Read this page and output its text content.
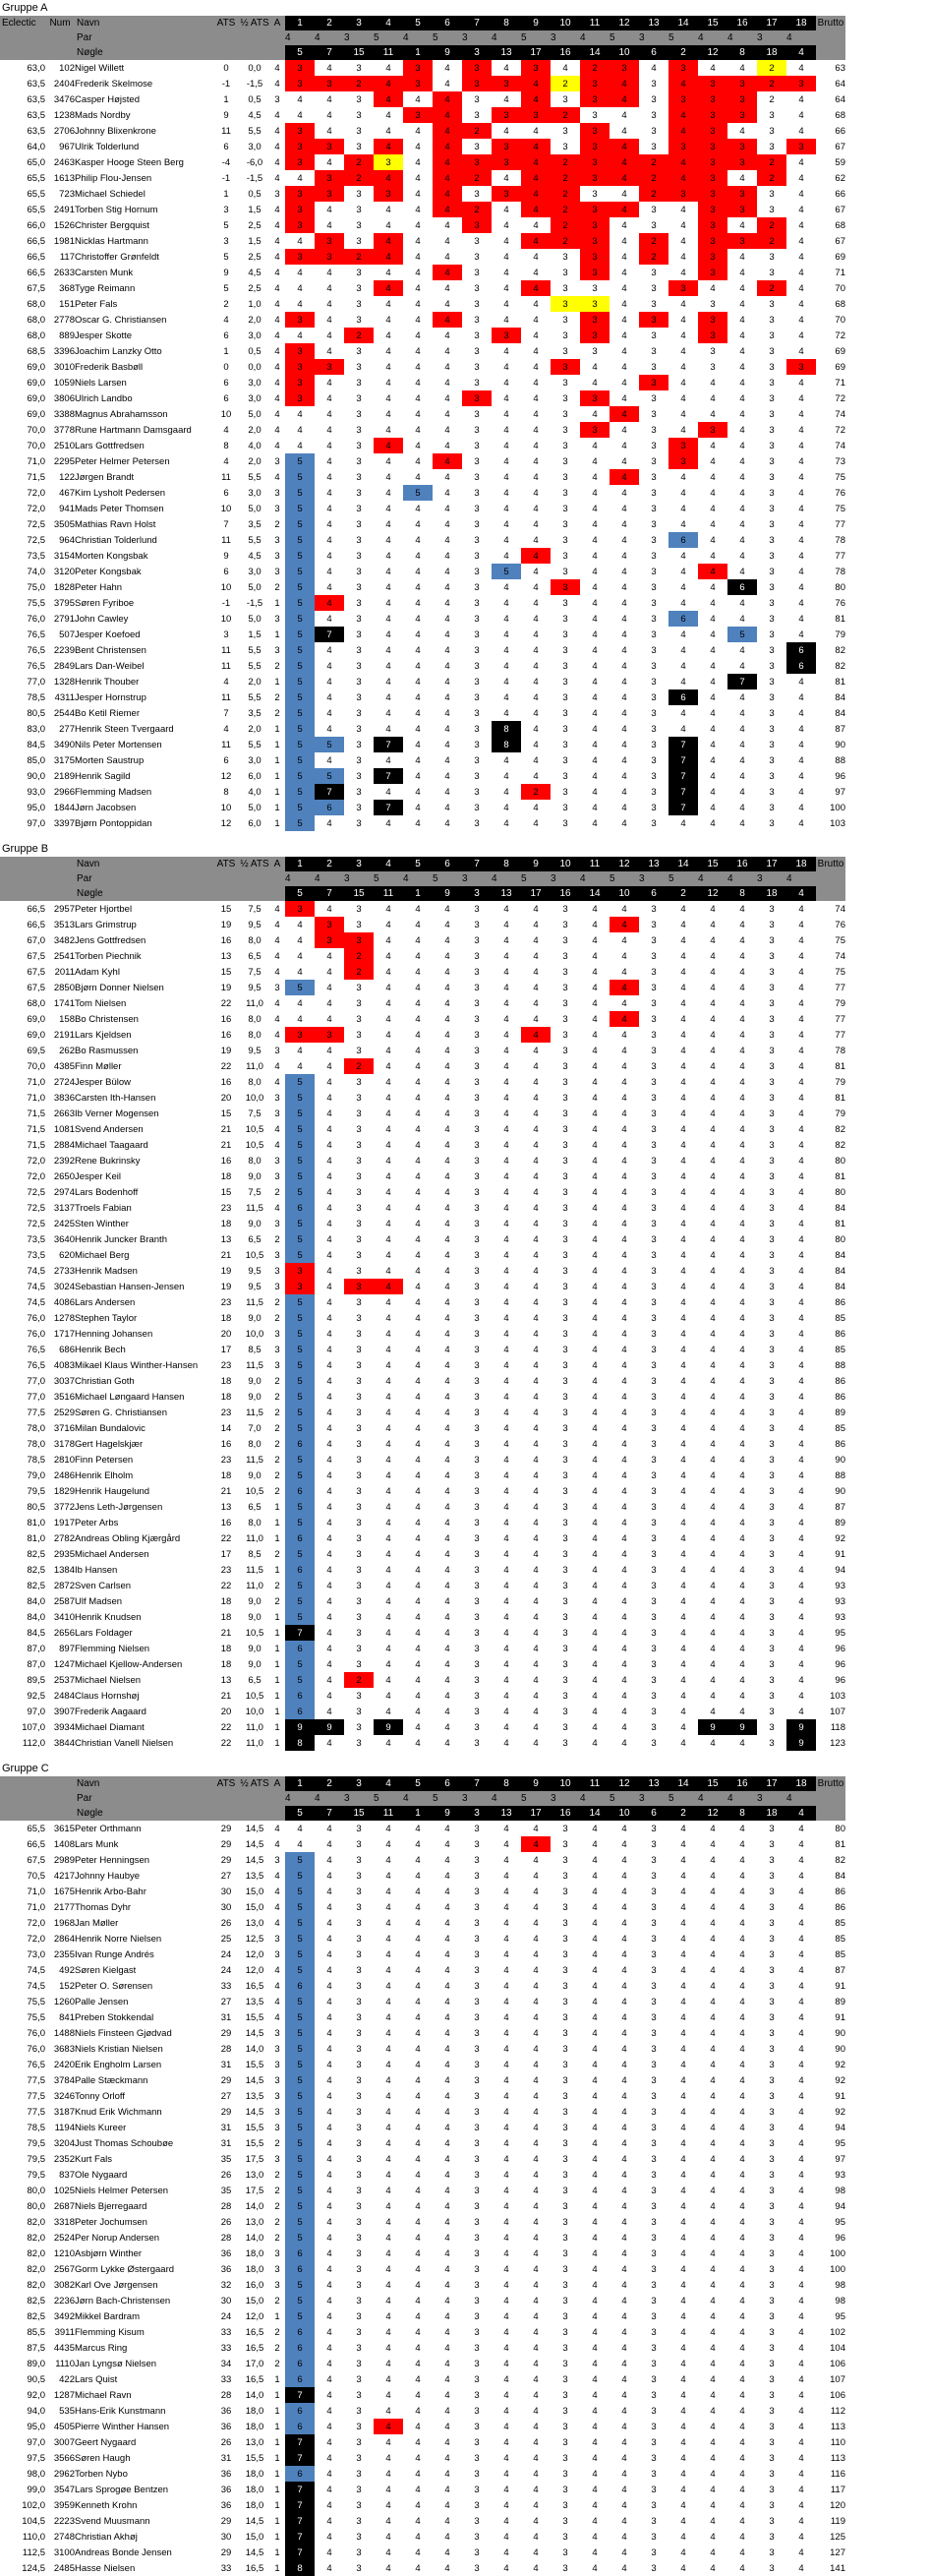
Gruppe A
Eclectic	Num Navn	ATS ½ ATS A	1	2	3	4	5	6	7	8	9	10	11	12	13	14	15	16	17	18	Brutto
Par	4	4	3	5	4	5	3	4	5	3	4	5	3	5	4	4	3	4
Nøgle	5	7	15	11	1	9	3	13	17	16	14	10	6	2	12	8	18	4
63,0	102	Nigel Willett	0	0,0	4	3	4	3	4	3	4	3	4	3	4	2	3	4	3	4	4	2	4	63
63,5	2404	Frederik Skelmose	-1	-1,5	4	3	3	2	4	3	4	3	3	4	2	3	4	3	4	3	3	2	3	64
63,5	3476	Casper Højsted	1	0,5	3	4	4	3	4	4	4	3	4	4	3	3	4	3	3	3	3	2	4	64
63,5	1238	Mads Nordby	9	4,5	4	4	4	3	4	3	4	3	3	3	2	3	4	3	4	3	3	3	4	68
63,5	2706	Johnny Blixenkrone	11	5,5	4	3	4	3	4	4	4	2	4	4	3	3	4	3	4	3	4	3	4	66
64,0	967	Ulrik Tolderlund	6	3,0	4	3	3	3	4	4	4	3	3	4	3	3	4	3	3	3	3	3	3	67
65,0	2463	Kasper Hooge Steen Berg	-4	-6,0	4	3	4	2	3	4	4	3	3	4	2	3	4	2	4	3	3	2	4	59
65,5	1613	Philip Flou-Jensen	-1	-1,5	4	4	3	2	4	4	4	2	4	4	2	3	4	2	4	3	4	2	4	62
65,5	723	Michael Schiedel	1	0,5	3	3	3	3	3	4	4	3	3	4	2	3	4	2	3	3	3	3	4	66
65,5	2491	Torben Stig Hornum	3	1,5	4	3	4	3	4	4	4	2	4	4	2	3	4	3	4	3	3	3	4	67
66,0	1526	Christer Bergquist	5	2,5	4	3	4	3	4	4	4	3	4	4	2	3	4	3	4	3	4	2	4	68
66,5	1981	Nicklas Hartmann	3	1,5	4	4	3	3	4	4	4	3	4	4	2	3	4	2	4	3	3	2	4	67
66,5	117	Christoffer Grønfeldt	5	2,5	4	3	3	2	4	4	4	3	4	4	3	3	4	2	4	3	4	3	4	69
66,5	2633	Carsten Munk	9	4,5	4	4	4	3	4	4	4	3	4	4	3	3	4	3	4	3	4	3	4	71
67,5	368	Tyge Reimann	5	2,5	4	4	4	3	4	4	4	3	4	4	3	3	4	3	3	4	4	2	4	70
68,0	151	Peter Fals	2	1,0	4	4	4	3	4	4	4	3	4	4	3	3	4	3	4	3	4	3	4	68
68,0	2778	Oscar G. Christiansen	4	2,0	4	3	4	3	4	4	4	3	4	4	3	3	4	3	4	3	4	3	4	70
68,0	889	Jesper Skotte	6	3,0	4	4	4	2	4	4	4	3	3	4	3	3	4	3	4	3	4	3	4	72
68,5	3396	Joachim Lanzky Otto	1	0,5	4	3	4	3	4	4	4	3	4	4	3	3	4	3	4	3	4	3	4	69
69,0	3010	Frederik Basbøll	0	0,0	4	3	3	3	4	4	4	3	4	4	3	4	4	3	4	3	4	3	3	69
69,0	1059	Niels Larsen	6	3,0	4	3	4	3	4	4	4	3	4	4	3	4	4	3	4	4	4	3	4	71
69,0	3806	Ulrich Landbo	6	3,0	4	3	4	3	4	4	4	3	4	4	3	3	4	3	4	4	4	3	4	72
69,0	3388	Magnus Abrahamsson	10	5,0	4	4	4	3	4	4	4	3	4	4	3	4	4	3	4	4	4	3	4	74
70,0	3778	Rune Hartmann Damsgaard	4	2,0	4	4	4	3	4	4	4	3	4	4	3	3	4	3	4	3	4	3	4	72
70,0	2510	Lars Gottfredsen	8	4,0	4	4	4	3	4	4	4	3	4	4	3	4	4	3	3	4	4	3	4	74
71,0	2295	Peter Helmer Petersen	4	2,0	3	5	4	3	4	4	4	3	4	4	3	4	4	3	3	4	4	3	4	73
71,5	122	Jørgen Brandt	11	5,5	4	5	4	3	4	4	4	3	4	4	3	4	4	3	4	4	4	3	4	75
72,0	467	Kim Lysholt Pedersen	6	3,0	3	5	4	3	4	5	4	3	4	4	3	4	4	3	4	4	4	3	4	76
72,0	941	Mads Peter Thomsen	10	5,0	3	5	4	3	4	4	4	3	4	4	3	4	4	3	4	4	4	3	4	75
72,5	3505	Mathias Ravn Holst	7	3,5	2	5	4	3	4	4	4	3	4	4	3	4	4	3	4	4	4	3	4	77
72,5	964	Christian Tolderlund	11	5,5	3	5	4	3	4	4	4	3	4	4	3	4	4	3	6	4	4	3	4	78
73,5	3154	Morten Kongsbak	9	4,5	3	5	4	3	4	4	4	3	4	4	3	4	4	3	4	4	4	3	4	77
74,0	3120	Peter Kongsbak	6	3,0	3	5	4	3	4	4	4	3	5	4	3	4	4	3	4	4	4	3	4	78
75,0	1828	Peter Hahn	10	5,0	2	5	4	3	4	4	4	3	4	4	3	4	4	3	4	4	6	3	4	80
75,5	3795	Søren Fyriboe	-1	-1,5	1	5	4	3	4	4	4	3	4	4	3	4	4	3	4	4	4	3	4	76
76,0	2791	John Cawley	10	5,0	3	5	4	3	4	4	4	3	4	4	3	4	4	3	6	4	4	3	4	81
76,5	507	Jesper Koefoed	3	1,5	1	5	7	3	4	4	4	3	4	4	3	4	4	3	4	4	5	3	4	79
76,5	2239	Bent Christensen	11	5,5	3	5	4	3	4	4	4	3	4	4	3	4	4	3	4	4	4	3	6	82
76,5	2849	Lars Dan-Weibel	11	5,5	2	5	4	3	4	4	4	3	4	4	3	4	4	3	4	4	4	3	6	82
77,0	1328	Henrik Thouber	4	2,0	1	5	4	3	4	4	4	3	4	4	3	4	4	3	4	4	7	3	4	81
78,5	4311	Jesper Hornstrup	11	5,5	2	5	4	3	4	4	4	3	4	4	3	4	4	3	6	4	4	3	4	84
80,5	2544	Bo Ketil Riemer	7	3,5	2	5	4	3	4	4	4	3	4	4	3	4	4	3	4	4	4	3	4	84
83,0	277	Henrik Steen Tvergaard	4	2,0	1	5	4	3	4	4	4	3	8	4	3	4	4	3	4	4	4	3	4	87
84,5	3490	Nils Peter Mortensen	11	5,5	1	5	5	3	7	4	4	3	8	4	3	4	4	3	7	4	4	3	4	90
85,0	3175	Morten Saustrup	6	3,0	1	5	4	3	4	4	4	3	4	4	3	4	4	3	7	4	4	3	4	88
90,0	2189	Henrik Sagild	12	6,0	1	5	5	3	7	4	4	3	4	4	3	4	4	3	7	4	4	3	4	96
93,0	2966	Flemming Madsen	8	4,0	1	5	7	3	4	4	4	3	4	2	3	4	4	3	7	4	4	3	4	97
95,0	1844	Jørn Jacobsen	10	5,0	1	5	6	3	7	4	4	3	4	4	3	4	4	3	7	4	4	3	4	100
97,0	3397	Bjørn Pontoppidan	12	6,0	1	5	4	3	4	4	4	3	4	4	3	4	4	3	4	4	4	3	4	103
Gruppe B
Navn	ATS ½ ATS A	1	2	3	4	5	6	7	8	9	10	11	12	13	14	15	16	17	18	Brutto
Par	4	4	3	5	4	5	3	4	5	3	4	5	3	5	4	4	3	4
Nøgle	5	7	15	11	1	9	3	13	17	16	14	10	6	2	12	8	18	4
66,5	2957	Peter Hjortbel	15	7,5	4	3	4	3	4	4	4	3	4	4	3	4	4	3	4	4	4	3	4	74
66,5	3513	Lars Grimstrup	19	9,5	4	4	3	3	4	4	4	3	4	4	3	4	4	3	4	4	4	3	4	76
67,0	3482	Jens Gottfredsen	16	8,0	4	4	3	3	4	4	4	3	4	4	3	4	4	3	4	4	4	3	4	75
67,5	2541	Torben Piechnik	13	6,5	4	4	4	2	4	4	4	3	4	4	3	4	4	3	4	4	4	3	4	74
67,5	2011	Adam Kyhl	15	7,5	4	4	4	2	4	4	4	3	4	4	3	4	4	3	4	4	4	3	4	75
67,5	2850	Bjørn Donner Nielsen	19	9,5	3	5	4	3	4	4	4	3	4	4	3	4	4	3	4	4	4	3	4	77
68,0	1741	Tom Nielsen	22	11,0	4	4	4	3	4	4	4	3	4	4	3	4	4	3	4	4	4	3	4	79
69,0	158	Bo Christensen	16	8,0	4	4	4	3	4	4	4	3	4	4	3	4	4	3	4	4	4	3	4	77
69,0	2191	Lars Kjeldsen	16	8,0	4	3	3	3	4	4	4	3	4	4	3	4	4	3	4	4	4	3	4	77
69,5	262	Bo Rasmussen	19	9,5	3	4	4	3	4	4	4	3	4	4	3	4	4	3	4	4	4	3	4	78
70,0	4385	Finn Møller	22	11,0	4	4	4	2	4	4	4	3	4	4	3	4	4	3	4	4	4	3	4	81
71,0	2724	Jesper Bülow	16	8,0	4	5	4	3	4	4	4	3	4	4	3	4	4	3	4	4	4	3	4	79
71,0	3836	Carsten Ith-Hansen	20	10,0	3	5	4	3	4	4	4	3	4	4	3	4	4	3	4	4	4	3	4	81
71,5	2663	Ib Verner Mogensen	15	7,5	3	5	4	3	4	4	4	3	4	4	3	4	4	3	4	4	4	3	4	79
71,5	1081	Svend Andersen	21	10,5	4	5	4	3	4	4	4	3	4	4	3	4	4	3	4	4	4	3	4	82
71,5	2884	Michael Taagaard	21	10,5	4	5	4	3	4	4	4	3	4	4	3	4	4	3	4	4	4	3	4	82
72,0	2392	Rene Bukrinsky	16	8,0	3	5	4	3	4	4	4	3	4	4	3	4	4	3	4	4	4	3	4	80
72,0	2650	Jesper Keil	18	9,0	3	5	4	3	4	4	4	3	4	4	3	4	4	3	4	4	4	3	4	81
72,5	2974	Lars Bodenhoff	15	7,5	2	5	4	3	4	4	4	3	4	4	3	4	4	3	4	4	4	3	4	80
72,5	3137	Troels Fabian	23	11,5	4	6	4	3	4	4	4	3	4	4	3	4	4	3	4	4	4	3	4	84
72,5	2425	Sten Winther	18	9,0	3	5	4	3	4	4	4	3	4	4	3	4	4	3	4	4	4	3	4	81
73,5	3640	Henrik Juncker Branth	13	6,5	2	5	4	3	4	4	4	3	4	4	3	4	4	3	4	4	4	3	4	80
73,5	620	Michael Berg	21	10,5	3	5	4	3	4	4	4	3	4	4	3	4	4	3	4	4	4	3	4	84
74,5	2733	Henrik Madsen	19	9,5	3	3	4	3	4	4	4	3	4	4	3	4	4	3	4	4	4	3	4	84
74,5	3024	Sebastian Hansen-Jensen	19	9,5	3	3	4	3	4	4	4	3	4	4	3	4	4	3	4	4	4	3	4	84
74,5	4086	Lars Andersen	23	11,5	2	5	4	3	4	4	4	3	4	4	3	4	4	3	4	4	4	3	4	86
76,0	1278	Stephen Taylor	18	9,0	2	5	4	3	4	4	4	3	4	4	3	4	4	3	4	4	4	3	4	85
76,0	1717	Henning Johansen	20	10,0	3	5	4	3	4	4	4	3	4	4	3	4	4	3	4	4	4	3	4	86
76,5	686	Henrik Bech	17	8,5	3	5	4	3	4	4	4	3	4	4	3	4	4	3	4	4	4	3	4	85
76,5	4083	Mikael Klaus Winther-Hansen	23	11,5	3	5	4	3	4	4	4	3	4	4	3	4	4	3	4	4	4	3	4	88
77,0	3037	Christian Goth	18	9,0	2	5	4	3	4	4	4	3	4	4	3	4	4	3	4	4	4	3	4	86
77,0	3516	Michael Løngaard Hansen	18	9,0	2	5	4	3	4	4	4	3	4	4	3	4	4	3	4	4	4	3	4	86
77,5	2529	Søren G. Christiansen	23	11,5	2	5	4	3	4	4	4	3	4	4	3	4	4	3	4	4	4	3	4	89
78,0	3716	Milan Bundalovic	14	7,0	2	5	4	3	4	4	4	3	4	4	3	4	4	3	4	4	4	3	4	85
78,0	3178	Gert Hagelskjær	16	8,0	2	6	4	3	4	4	4	3	4	4	3	4	4	3	4	4	4	3	4	86
78,5	2810	Finn Petersen	23	11,5	2	5	4	3	4	4	4	3	4	4	3	4	4	3	4	4	4	3	4	90
79,0	2486	Henrik Elholm	18	9,0	2	5	4	3	4	4	4	3	4	4	3	4	4	3	4	4	4	3	4	88
79,5	1829	Henrik Haugelund	21	10,5	2	6	4	3	4	4	4	3	4	4	3	4	4	3	4	4	4	3	4	90
80,5	3772	Jens Leth-Jørgensen	13	6,5	1	5	4	3	4	4	4	3	4	4	3	4	4	3	4	4	4	3	4	87
81,0	1917	Peter Arbs	16	8,0	1	5	4	3	4	4	4	3	4	4	3	4	4	3	4	4	4	3	4	89
81,0	2782	Andreas Obling Kjærgård	22	11,0	1	6	4	3	4	4	4	3	4	4	3	4	4	3	4	4	4	3	4	92
82,5	2935	Michael Andersen	17	8,5	2	5	4	3	4	4	4	3	4	4	3	4	4	3	4	4	4	3	4	91
82,5	1384	Ib Hansen	23	11,5	1	6	4	3	4	4	4	3	4	4	3	4	4	3	4	4	4	3	4	94
82,5	2872	Sven Carlsen	22	11,0	2	5	4	3	4	4	4	3	4	4	3	4	4	3	4	4	4	3	4	93
84,0	2587	Ulf Madsen	18	9,0	2	5	4	3	4	4	4	3	4	4	3	4	4	3	4	4	4	3	4	93
84,0	3410	Henrik Knudsen	18	9,0	1	5	4	3	4	4	4	3	4	4	3	4	4	3	4	4	4	3	4	93
84,5	2656	Lars Foldager	21	10,5	1	7	4	3	4	4	4	3	4	4	3	4	4	3	4	4	4	3	4	95
87,0	897	Flemming Nielsen	18	9,0	1	6	4	3	4	4	4	3	4	4	3	4	4	3	4	4	4	3	4	96
87,0	1247	Michael Kjellow-Andersen	18	9,0	1	5	4	3	4	4	4	3	4	4	3	4	4	3	4	4	4	3	4	96
89,5	2537	Michael Nielsen	13	6,5	1	5	4	2	4	4	4	3	4	4	3	4	4	3	4	4	4	3	4	96
92,5	2484	Claus Hornshøj	21	10,5	1	6	4	3	4	4	4	3	4	4	3	4	4	3	4	4	4	3	4	103
97,0	3907	Frederik Aagaard	20	10,0	1	6	4	3	4	4	4	3	4	4	3	4	4	3	4	4	4	3	4	107
107,0	3934	Michael Diamant	22	11,0	1	9	9	3	9	4	4	3	4	4	3	4	4	3	4	9	9	3	9	118
112,0	3844	Christian Vanell Nielsen	22	11,0	1	8	4	3	4	4	4	3	4	4	3	4	4	3	4	4	4	3	9	123
Gruppe C
Navn	ATS ½ ATS A	1	2	3	4	5	6	7	8	9	10	11	12	13	14	15	16	17	18	Brutto
Par	4	4	3	5	4	5	3	4	5	3	4	5	3	5	4	4	3	4
Nøgle	5	7	15	11	1	9	3	13	17	16	14	10	6	2	12	8	18	4
65,5	3615	Peter Orthmann	29	14,5	4	4	4	3	4	4	4	3	4	4	3	4	4	3	4	4	4	3	4	80
66,5	1408	Lars Munk	29	14,5	4	4	4	3	4	4	4	3	4	4	3	4	4	3	4	4	4	3	4	81
67,5	2989	Peter Henningsen	29	14,5	3	5	4	3	4	4	4	3	4	4	3	4	4	3	4	4	4	3	4	82
70,5	4217	Johnny Haubye	27	13,5	4	5	4	3	4	4	4	3	4	4	3	4	4	3	4	4	4	3	4	84
71,0	1675	Henrik Arbo-Bahr	30	15,0	4	5	4	3	4	4	4	3	4	4	3	4	4	3	4	4	4	3	4	86
71,0	2177	Thomas Dyhr	30	15,0	4	5	4	3	4	4	4	3	4	4	3	4	4	3	4	4	4	3	4	86
72,0	1968	Jan Møller	26	13,0	4	5	4	3	4	4	4	3	4	4	3	4	4	3	4	4	4	3	4	85
72,0	2864	Henrik Norre Nielsen	25	12,5	3	5	4	3	4	4	4	3	4	4	3	4	4	3	4	4	4	3	4	85
73,0	2355	Ivan Runge Andrés	24	12,0	3	5	4	3	4	4	4	3	4	4	3	4	4	3	4	4	4	3	4	85
74,5	492	Søren Kielgast	24	12,0	4	5	4	3	4	4	4	3	4	4	3	4	4	3	4	4	4	3	4	87
74,5	152	Peter O. Sørensen	33	16,5	4	6	4	3	4	4	4	3	4	4	3	4	4	3	4	4	4	3	4	91
75,5	1260	Palle Jensen	27	13,5	4	5	4	3	4	4	4	3	4	4	3	4	4	3	4	4	4	3	4	89
75,5	841	Preben Stokkendal	31	15,5	4	5	4	3	4	4	4	3	4	4	3	4	4	3	4	4	4	3	4	91
76,0	1488	Niels Finsteen Gjødvad	29	14,5	3	5	4	3	4	4	4	3	4	4	3	4	4	3	4	4	4	3	4	90
76,0	3683	Niels Kristian Nielsen	28	14,0	3	5	4	3	4	4	4	3	4	4	3	4	4	3	4	4	4	3	4	90
76,5	2420	Erik Engholm Larsen	31	15,5	3	5	4	3	4	4	4	3	4	4	3	4	4	3	4	4	4	3	4	92
77,5	3784	Palle Stæckmann	29	14,5	3	5	4	3	4	4	4	3	4	4	3	4	4	3	4	4	4	3	4	92
77,5	3246	Tonny Orloff	27	13,5	3	5	4	3	4	4	4	3	4	4	3	4	4	3	4	4	4	3	4	91
77,5	3187	Knud Erik Wichmann	29	14,5	3	5	4	3	4	4	4	3	4	4	3	4	4	3	4	4	4	3	4	92
78,5	1194	Niels Kureer	31	15,5	3	5	4	3	4	4	4	3	4	4	3	4	4	3	4	4	4	3	4	94
79,5	3204	Just Thomas Schoubøe	31	15,5	2	5	4	3	4	4	4	3	4	4	3	4	4	3	4	4	4	3	4	95
79,5	2352	Kurt Fals	35	17,5	3	5	4	3	4	4	4	3	4	4	3	4	4	3	4	4	4	3	4	97
79,5	837	Ole Nygaard	26	13,0	2	5	4	3	4	4	4	3	4	4	3	4	4	3	4	4	4	3	4	93
80,0	1025	Niels Helmer Petersen	35	17,5	2	5	4	3	4	4	4	3	4	4	3	4	4	3	4	4	4	3	4	98
80,0	2687	Niels Bjerregaard	28	14,0	2	5	4	3	4	4	4	3	4	4	3	4	4	3	4	4	4	3	4	94
82,0	3318	Peter Jochumsen	26	13,0	2	5	4	3	4	4	4	3	4	4	3	4	4	3	4	4	4	3	4	95
82,0	2524	Per Norup Andersen	28	14,0	2	5	4	3	4	4	4	3	4	4	3	4	4	3	4	4	4	3	4	96
82,0	1210	Asbjørn Winther	36	18,0	3	6	4	3	4	4	4	3	4	4	3	4	4	3	4	4	4	3	4	100
82,0	2567	Gorm Lykke Østergaard	36	18,0	3	6	4	3	4	4	4	3	4	4	3	4	4	3	4	4	4	3	4	100
82,0	3082	Karl Ove Jørgensen	32	16,0	3	5	4	3	4	4	4	3	4	4	3	4	4	3	4	4	4	3	4	98
82,5	2236	Jørn Bach-Christensen	30	15,0	2	5	4	3	4	4	4	3	4	4	3	4	4	3	4	4	4	3	4	98
82,5	3492	Mikkel Bardram	24	12,0	1	5	4	3	4	4	4	3	4	4	3	4	4	3	4	4	4	3	4	95
85,5	3911	Flemming Kisum	33	16,5	2	6	4	3	4	4	4	3	4	4	3	4	4	3	4	4	4	3	4	102
87,5	4435	Marcus Ring	33	16,5	2	6	4	3	4	4	4	3	4	4	3	4	4	3	4	4	4	3	4	104
89,0	1110	Jan Lyngsø Nielsen	34	17,0	2	6	4	3	4	4	4	3	4	4	3	4	4	3	4	4	4	3	4	106
90,5	422	Lars Quist	33	16,5	1	6	4	3	4	4	4	3	4	4	3	4	4	3	4	4	4	3	4	107
92,0	1287	Michael Ravn	28	14,0	1	7	4	3	4	4	4	3	4	4	3	4	4	3	4	4	4	3	4	106
94,0	535	Hans-Erik Kunstmann	36	18,0	1	6	4	3	4	4	4	3	4	4	3	4	4	3	4	4	4	3	4	112
95,0	4505	Pierre Winther Hansen	36	18,0	1	6	4	3	4	4	4	3	4	4	3	4	4	3	4	4	4	3	4	113
97,0	3007	Geert Nygaard	26	13,0	1	7	4	3	4	4	4	3	4	4	3	4	4	3	4	4	4	3	4	110
97,5	3566	Søren Haugh	31	15,5	1	7	4	3	4	4	4	3	4	4	3	4	4	3	4	4	4	3	4	113
98,0	2962	Torben Nybo	36	18,0	1	6	4	3	4	4	4	3	4	4	3	4	4	3	4	4	4	3	4	116
99,0	3547	Lars Sprogøe Bentzen	36	18,0	1	7	4	3	4	4	4	3	4	4	3	4	4	3	4	4	4	3	4	117
102,0	3959	Kenneth Krohn	36	18,0	1	7	4	3	4	4	4	3	4	4	3	4	4	3	4	4	4	3	4	120
104,5	2223	Svend Muusmann	29	14,5	1	7	4	3	4	4	4	3	4	4	3	4	4	3	4	4	4	3	4	119
110,0	2748	Christian Akhøj	30	15,0	1	7	4	3	4	4	4	3	4	4	3	4	4	3	4	4	4	3	4	125
112,5	3100	Andreas Bonde Jensen	29	14,5	1	7	4	3	4	4	4	3	4	4	3	4	4	3	4	4	4	3	4	127
124,5	2485	Hasse Nielsen	33	16,5	1	8	4	3	4	4	4	3	4	4	3	4	4	3	4	4	4	3	4	141
